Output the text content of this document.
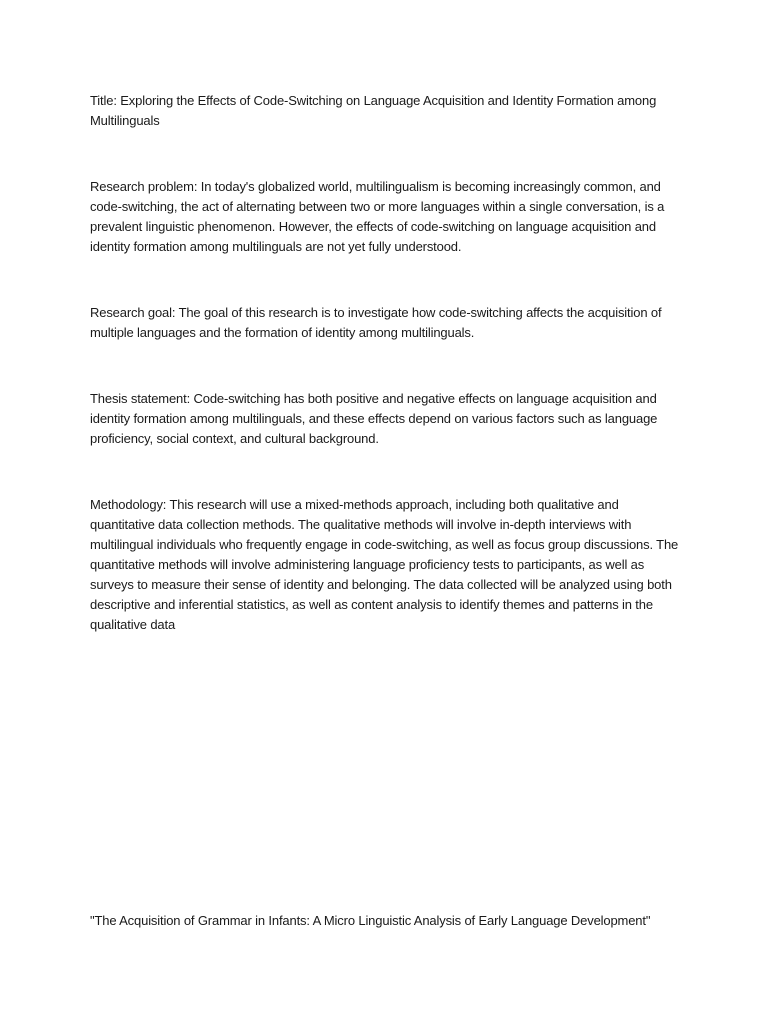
Title: Exploring the Effects of Code-Switching on Language Acquisition and Identity Formation among Multilinguals

Research problem: In today's globalized world, multilingualism is becoming increasingly common, and code-switching, the act of alternating between two or more languages within a single conversation, is a prevalent linguistic phenomenon. However, the effects of code-switching on language acquisition and identity formation among multilinguals are not yet fully understood.

Research goal: The goal of this research is to investigate how code-switching affects the acquisition of multiple languages and the formation of identity among multilinguals.

Thesis statement: Code-switching has both positive and negative effects on language acquisition and identity formation among multilinguals, and these effects depend on various factors such as language proficiency, social context, and cultural background.

Methodology: This research will use a mixed-methods approach, including both qualitative and quantitative data collection methods. The qualitative methods will involve in-depth interviews with multilingual individuals who frequently engage in code-switching, as well as focus group discussions. The quantitative methods will involve administering language proficiency tests to participants, as well as surveys to measure their sense of identity and belonging. The data collected will be analyzed using both descriptive and inferential statistics, as well as content analysis to identify themes and patterns in the qualitative data

"The Acquisition of Grammar in Infants: A Micro Linguistic Analysis of Early Language Development"
